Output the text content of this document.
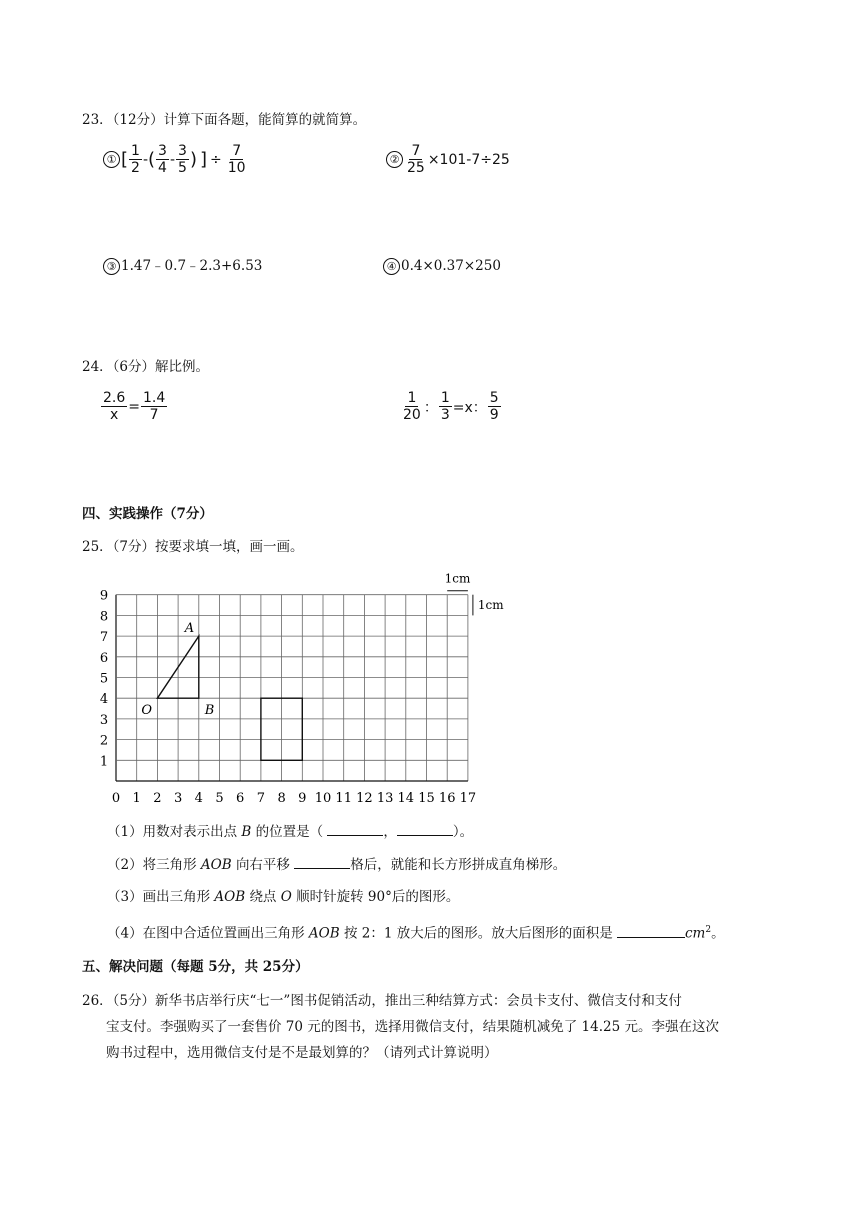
23．（12分）计算下面各题，能简算的就简算。
① [ $\frac{1}{2}$ - ( $\frac{3}{4} - \frac{3}{5}$ ) ] ÷ $\frac{7}{10}$	② $\frac{7}{25} \times 101-7\div 25$
③ 1.47﹣0.7﹣2.3+6.53	④ 0.4×0.37×250
24．（6分）解比例。
$\frac{2.6}{x} = \frac{1.4}{7}$	$\frac{1}{20}$ ： $\frac{1}{3} =x$： $\frac{5}{9}$
四、实践操作（7分）
25．（7分）按要求填一填，画一画。
0 1 2 3 4 5 6 7 8 9 10 11 12 13 14 15 16 17
1
2
3
4
5
6
7
8
9
A
O	B
1cm
1cm
（1）用数对表示出点 B 的位置是（	，	）。
（2）将三角形 AOB 向右平移	格后，就能和长方形拼成直角梯形。
（3）画出三角形 AOB 绕点 O 顺时针旋转 90°后的图形。
（4）在图中合适位置画出三角形 AOB 按 2：1 放大后的图形。放大后图形的面积是	$cm^2$。
五、解决问题（每题 5分，共 25分）
26．（5分）新华书店举行庆“七一”图书促销活动，推出三种结算方式：会员卡支付、微信支付和支付
宝支付。李强购买了一套售价 70 元的图书，选择用微信支付，结果随机减免了 14.25 元。李强在这次
购书过程中，选用微信支付是不是最划算的？（请列式计算说明）
